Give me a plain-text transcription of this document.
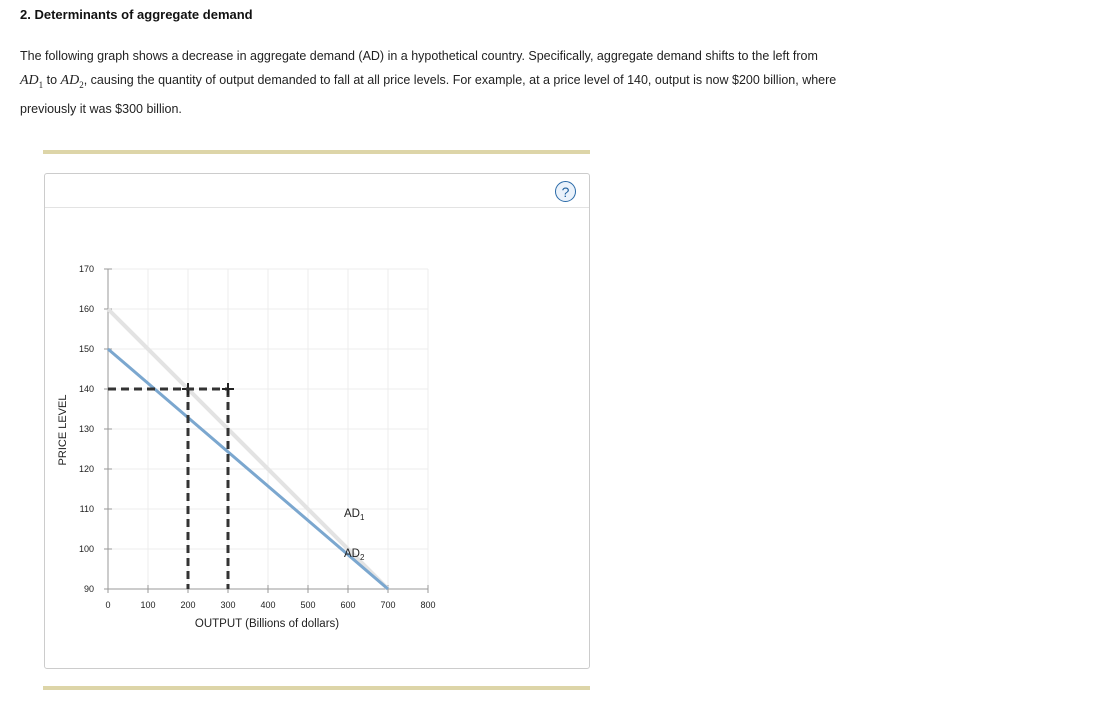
2. Determinants of aggregate demand

The following graph shows a decrease in aggregate demand (AD) in a hypothetical country. Specifically, aggregate demand shifts to the left from
$AD_1$ to $AD_2$, causing the quantity of output demanded to fall at all price levels. For example, at a price level of 140, output is now $200 billion, where
previously it was $300 billion.

?
0	100	200	300	400	500	600	700	800
90
100
110
120
130
140
150
160
170
$AD_1$
$AD_2$
OUTPUT (Billions of dollars)
PRICE LEVEL
